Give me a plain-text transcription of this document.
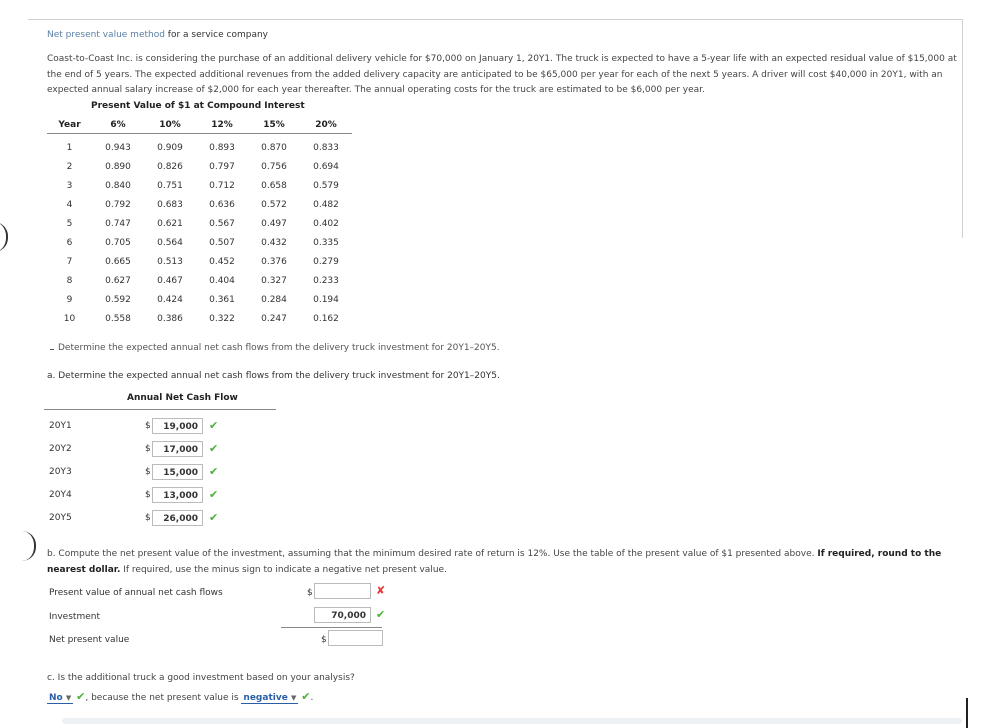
Net present value method for a service company
Coast-to-Coast Inc. is considering the purchase of an additional delivery vehicle for $70,000 on January 1, 20Y1. The truck is expected to have a 5-year life with an expected residual value of $15,000 at the end of 5 years. The expected additional revenues from the added delivery capacity are anticipated to be $65,000 per year for each of the next 5 years. A driver will cost $40,000 in 20Y1, with an expected annual salary increase of $2,000 for each year thereafter. The annual operating costs for the truck are estimated to be $6,000 per year.
Present Value of $1 at Compound Interest
Year	6%	10%	12%	15%	20%
1	0.943	0.909	0.893	0.870	0.833
2	0.890	0.826	0.797	0.756	0.694
3	0.840	0.751	0.712	0.658	0.579
4	0.792	0.683	0.636	0.572	0.482
5	0.747	0.621	0.567	0.497	0.402
6	0.705	0.564	0.507	0.432	0.335
7	0.665	0.513	0.452	0.376	0.279
8	0.627	0.467	0.404	0.327	0.233
9	0.592	0.424	0.361	0.284	0.194
10	0.558	0.386	0.322	0.247	0.162
Determine the expected annual net cash flows from the delivery truck investment for 20Y1–20Y5.
a. Determine the expected annual net cash flows from the delivery truck investment for 20Y1–20Y5.
Annual Net Cash Flow
20Y1	$	19,000	✔
20Y2	$	17,000	✔
20Y3	$	15,000	✔
20Y4	$	13,000	✔
20Y5	$	26,000	✔
b. Compute the net present value of the investment, assuming that the minimum desired rate of return is 12%. Use the table of the present value of $1 presented above. If required, round to the nearest dollar. If required, use the minus sign to indicate a negative net present value.
Present value of annual net cash flows	$	✘
Investment	70,000 ✔
Net present value	$
c. Is the additional truck a good investment based on your analysis?
No ▼ ✔, because the net present value is negative ▼ ✔.
